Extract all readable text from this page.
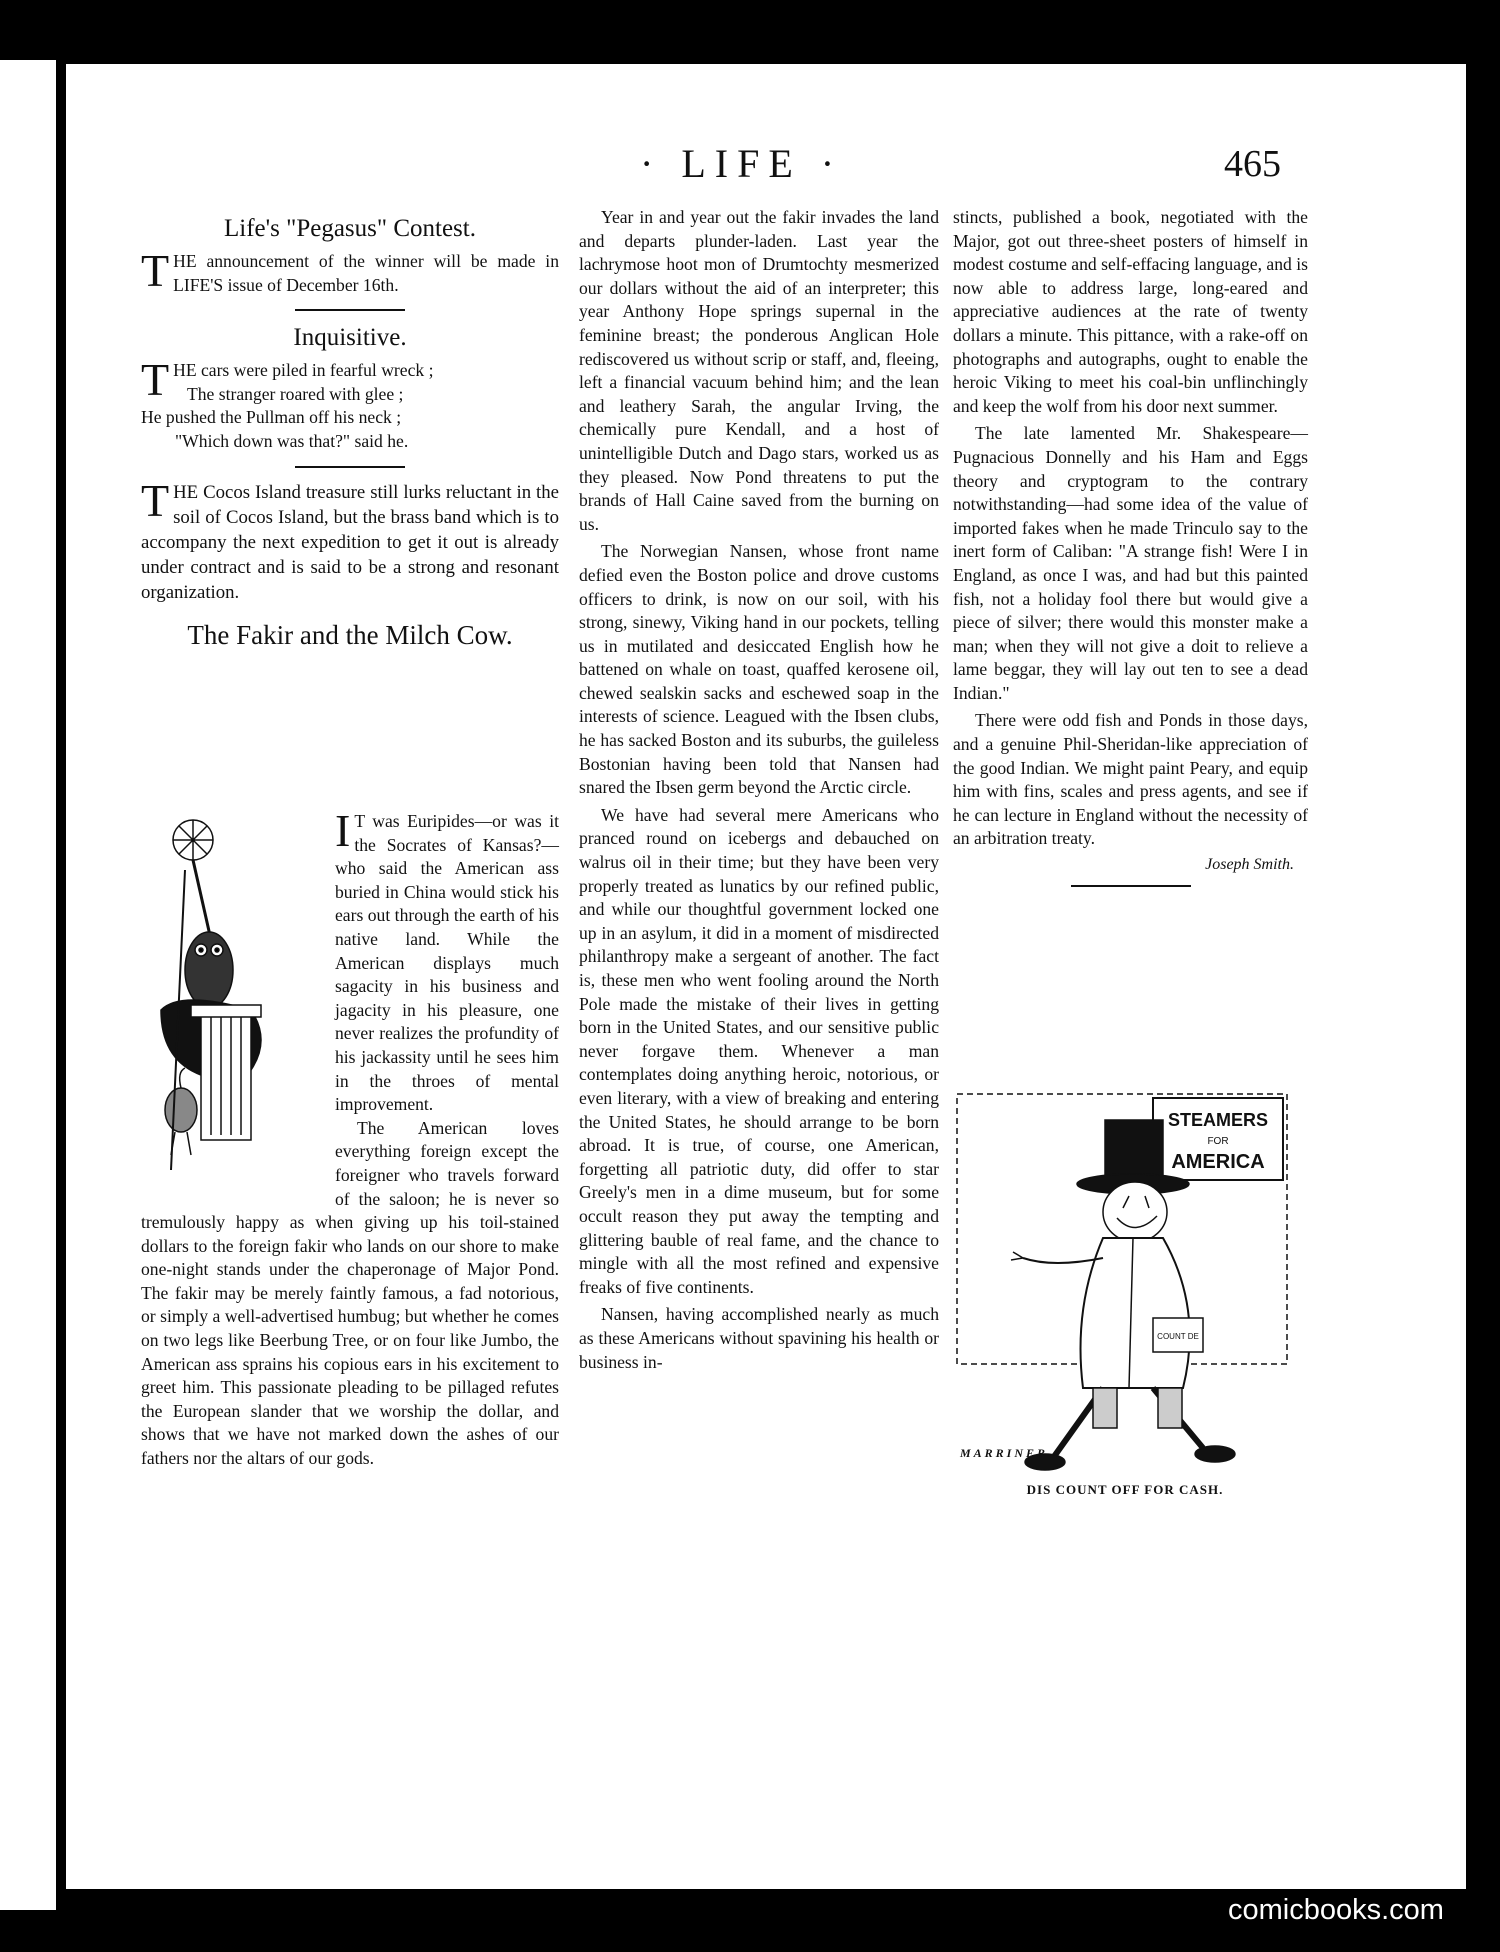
· LIFE ·	465
Life's "Pegasus" Contest.

THE announcement of the winner will be made in LIFE'S issue of December 16th.

Inquisitive.
T HE cars were piled in fearful wreck ;
The stranger roared with glee ;
He pushed the Pullman off his neck ;
"Which down was that?" said he.

THE Cocos Island treasure still lurks reluctant in the soil of Cocos Island, but the brass band which is to accompany the next expedition to get it out is already under contract and is said to be a strong and resonant organization.

The Fakir and the Milch Cow.

I T was Euripides—or was it the Socrates of Kansas?—who said the American ass buried in China would stick his ears out through the earth of his native land. While the American displays much sagacity in his business and jagacity in his pleasure, one never realizes the profundity of his jackassity until he sees him in the throes of mental improvement.

The American loves everything foreign except the foreigner who travels forward of the saloon; he is never so tremulously happy as when giving up his toil-stained dollars to the foreign fakir who lands on our shore to make one-night stands under the chaperonage of Major Pond. The fakir may be merely faintly famous, a fad notorious, or simply a well-advertised humbug; but whether he comes on two legs like Beerbung Tree, or on four like Jumbo, the American ass sprains his copious ears in his excitement to greet him. This passionate pleading to be pillaged refutes the European slander that we worship the dollar, and shows that we have not marked down the ashes of our fathers nor the altars of our gods.

Year in and year out the fakir invades the land and departs plunder-laden. Last year the lachrymose hoot mon of Drumtochty mesmerized our dollars without the aid of an interpreter; this year Anthony Hope springs supernal in the feminine breast; the ponderous Anglican Hole rediscovered us without scrip or staff, and, fleeing, left a financial vacuum behind him; and the lean and leathery Sarah, the angular Irving, the chemically pure Kendall, and a host of unintelligible Dutch and Dago stars, worked us as they pleased. Now Pond threatens to put the brands of Hall Caine saved from the burning on us.

The Norwegian Nansen, whose front name defied even the Boston police and drove customs officers to drink, is now on our soil, with his strong, sinewy, Viking hand in our pockets, telling us in mutilated and desiccated English how he battened on whale on toast, quaffed kerosene oil, chewed sealskin sacks and eschewed soap in the interests of science. Leagued with the Ibsen clubs, he has sacked Boston and its suburbs, the guileless Bostonian having been told that Nansen had snared the Ibsen germ beyond the Arctic circle.

We have had several mere Americans who pranced round on icebergs and debauched on walrus oil in their time; but they have been very properly treated as lunatics by our refined public, and while our thoughtful government locked one up in an asylum, it did in a moment of misdirected philanthropy make a sergeant of another. The fact is, these men who went fooling around the North Pole made the mistake of their lives in getting born in the United States, and our sensitive public never forgave them. Whenever a man contemplates doing anything heroic, notorious, or even literary, with a view of breaking and entering the United States, he should arrange to be born abroad. It is true, of course, one American, forgetting all patriotic duty, did offer to star Greely's men in a dime museum, but for some occult reason they put away the tempting and glittering bauble of real fame, and the chance to mingle with all the most refined and expensive freaks of five continents.

Nansen, having accomplished nearly as much as these Americans without spavining his health or business in-

stincts, published a book, negotiated with the Major, got out three-sheet posters of himself in modest costume and self-effacing language, and is now able to address large, long-eared and appreciative audiences at the rate of twenty dollars a minute. This pittance, with a rake-off on photographs and autographs, ought to enable the heroic Viking to meet his coal-bin unflinchingly and keep the wolf from his door next summer.

The late lamented Mr. Shakespeare—Pugnacious Donnelly and his Ham and Eggs theory and cryptogram to the contrary notwithstanding—had some idea of the value of imported fakes when he made Trinculo say to the inert form of Caliban: "A strange fish! Were I in England, as once I was, and had but this painted fish, not a holiday fool there but would give a piece of silver; there would this monster make a man; when they will not give a doit to relieve a lame beggar, they will lay out ten to see a dead Indian."

There were odd fish and Ponds in those days, and a genuine Phil-Sheridan-like appreciation of the good Indian. We might paint Peary, and equip him with fins, scales and press agents, and see if he can lecture in England without the necessity of an arbitration treaty.

Joseph Smith.
STEAMERS
FOR
AMERICA
COUNT DE
MARRINER
DIS COUNT OFF FOR CASH.
comicbooks.com
